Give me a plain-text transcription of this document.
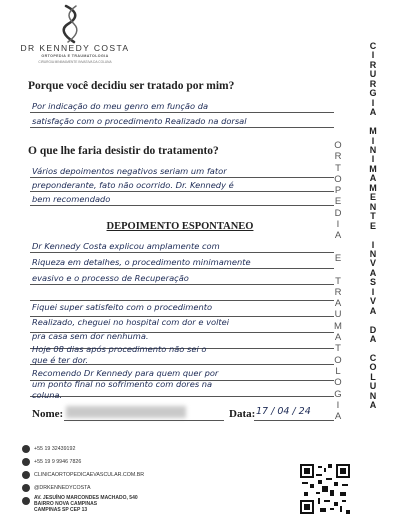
DR KENNEDY COSTA
ORTOPEDIA E TRAUMATOLOGIA
CIRURGIA MINIMAMENTE INVASIVA DA COLUNA
Porque você decidiu ser tratado por mim?
Por indicação do meu genro em função da
satisfação com o procedimento Realizado na dorsal
O que lhe faria desistir do tratamento?
Vários depoimentos negativos seriam um fator
preponderante, fato não ocorrido. Dr. Kennedy é
bem recomendado
DEPOIMENTO ESPONTANEO
Dr Kennedy Costa explicou amplamente com
Riqueza em detalhes, o procedimento minimamente
evasivo e o processo de Recuperação
Fiquei super satisfeito com o procedimento
Realizado, cheguei no hospital com dor e voltei
pra casa sem dor nenhuma.
Hoje 08 dias após procedimento não sei o
que é ter dor.
Recomendo Dr Kennedy para quem quer por
um ponto final no sofrimento com dores na
coluna.
Nome:	Data: 17 / 04 / 24
O
R
T
O
P
E
D
I
A

E

T
R
A
U
M
A
T
O
L
O
G
I
A
C
I
R
U
R
G
I
A

M
I
N
I
M
A
M
E
N
T
E

I
N
V
A
S
I
V
A

D
A

C
O
L
U
N
A
+55 19 32439192
+55 19 9 9946 7826
CLINICAORTOPEDICAEVASCULAR.COM.BR
@DRKENNEDYCOSTA
AV. JESUÍNO MARCONDES MACHADO, 540
BAIRRO NOVA CAMPINAS
CAMPINAS SP CEP 13
